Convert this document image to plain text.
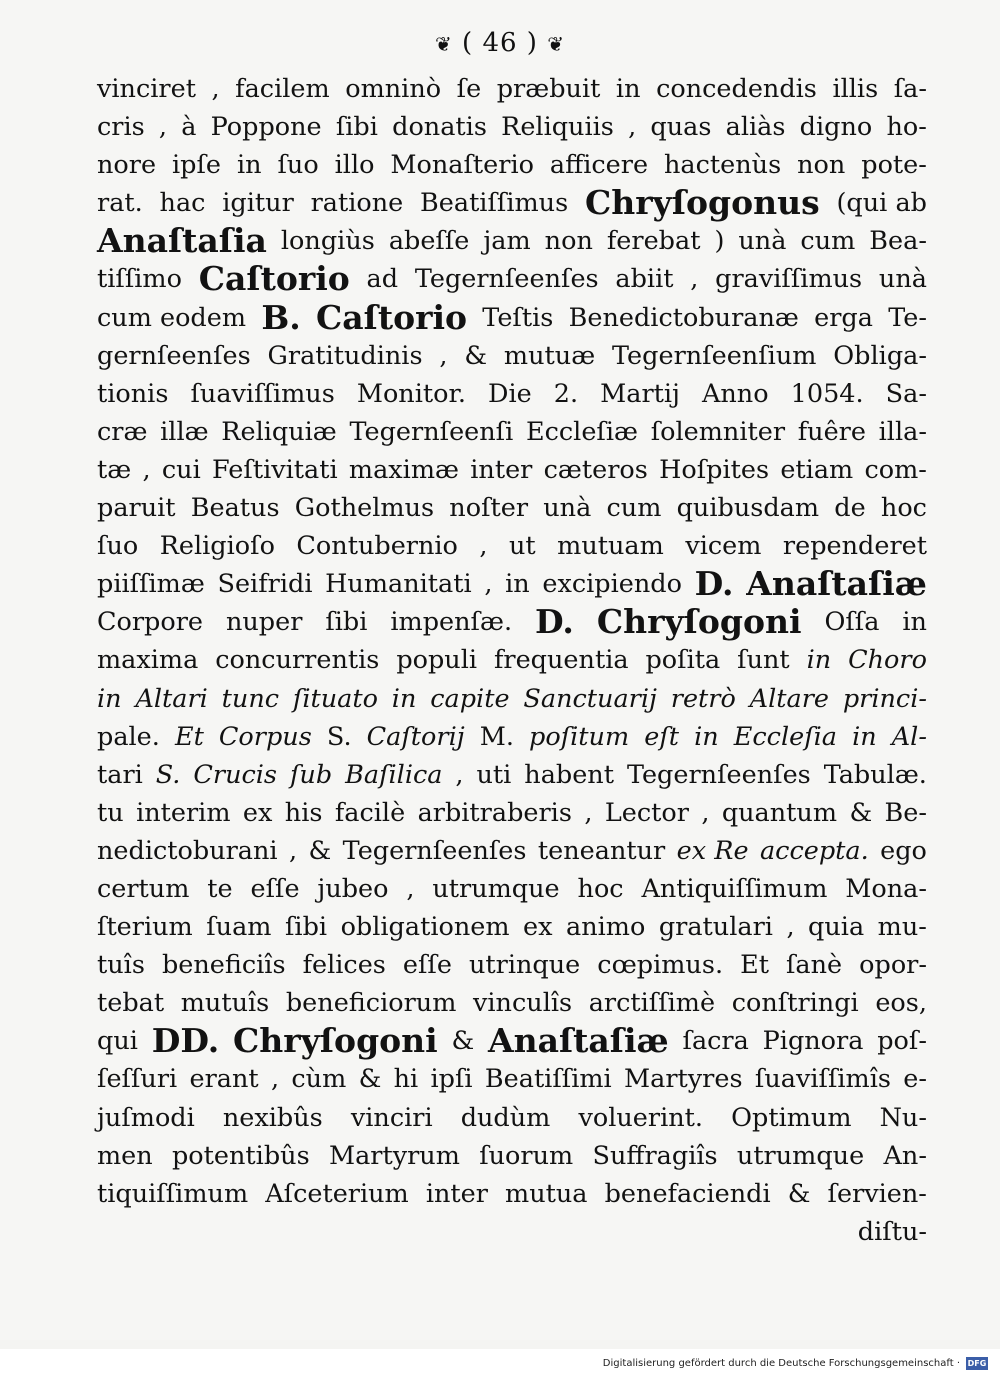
❦ ( 46 ) ❦
vinciret , facilem omninò ſe præbuit in concedendis illis ſa-
cris , à Poppone ſibi donatis Reliquiis , quas aliàs digno ho-
nore ipſe in ſuo illo Monaſterio afficere hactenùs non pote-
rat. hac igitur ratione Beatiſſimus Chryſogonus (qui ab
Anaſtaſia longiùs abeſſe jam non ferebat ) unà cum Bea-
tiſſimo Caſtorio ad Tegernſeenſes abiit , graviſſimus unà
cum eodem B. Caſtorio Teſtis Benedictoburanæ erga Te-
gernſeenſes Gratitudinis , & mutuæ Tegernſeenſium Obliga-
tionis ſuaviſſimus Monitor. Die 2. Martij Anno 1054. Sa-
cræ illæ Reliquiæ Tegernſeenſi Eccleſiæ ſolemniter fuêre illa-
tæ , cui Feſtivitati maximæ inter cæteros Hoſpites etiam com-
paruit Beatus Gothelmus noſter unà cum quibusdam de hoc
ſuo Religioſo Contubernio , ut mutuam vicem rependeret
piiſſimæ Seifridi Humanitati , in excipiendo D. Anaſtaſiæ
Corpore nuper ſibi impenſæ. D. Chryſogoni Oſſa in
maxima concurrentis populi frequentia poſita ſunt in Choro
in Altari tunc ſituato in capite Sanctuarij retrò Altare princi-
pale. Et Corpus S. Caſtorij M. poſitum eſt in Eccleſia in Al-
tari S. Crucis ſub Baſilica , uti habent Tegernſeenſes Tabulæ.
tu interim ex his facilè arbitraberis , Lector , quantum & Be-
nedictoburani , & Tegernſeenſes teneantur ex Re accepta. ego
certum te eſſe jubeo , utrumque hoc Antiquiſſimum Mona-
ſterium ſuam ſibi obligationem ex animo gratulari , quia mu-
tuîs beneficiîs felices eſſe utrinque cœpimus. Et ſanè opor-
tebat mutuîs beneficiorum vinculîs arctiſſimè conſtringi eos,
qui DD. Chryſogoni & Anaſtaſiæ ſacra Pignora poſ-
ſeſſuri erant , cùm & hi ipſi Beatiſſimi Martyres ſuaviſſimîs e-
juſmodi nexibûs vinciri dudùm voluerint. Optimum Nu-
men potentibûs Martyrum ſuorum Suffragiîs utrumque An-
tiquiſſimum Aſceterium inter mutua benefaciendi & ſervien-
di ſtu-
Digitalisierung gefördert durch die Deutsche Forschungsgemeinschaft · DFG
